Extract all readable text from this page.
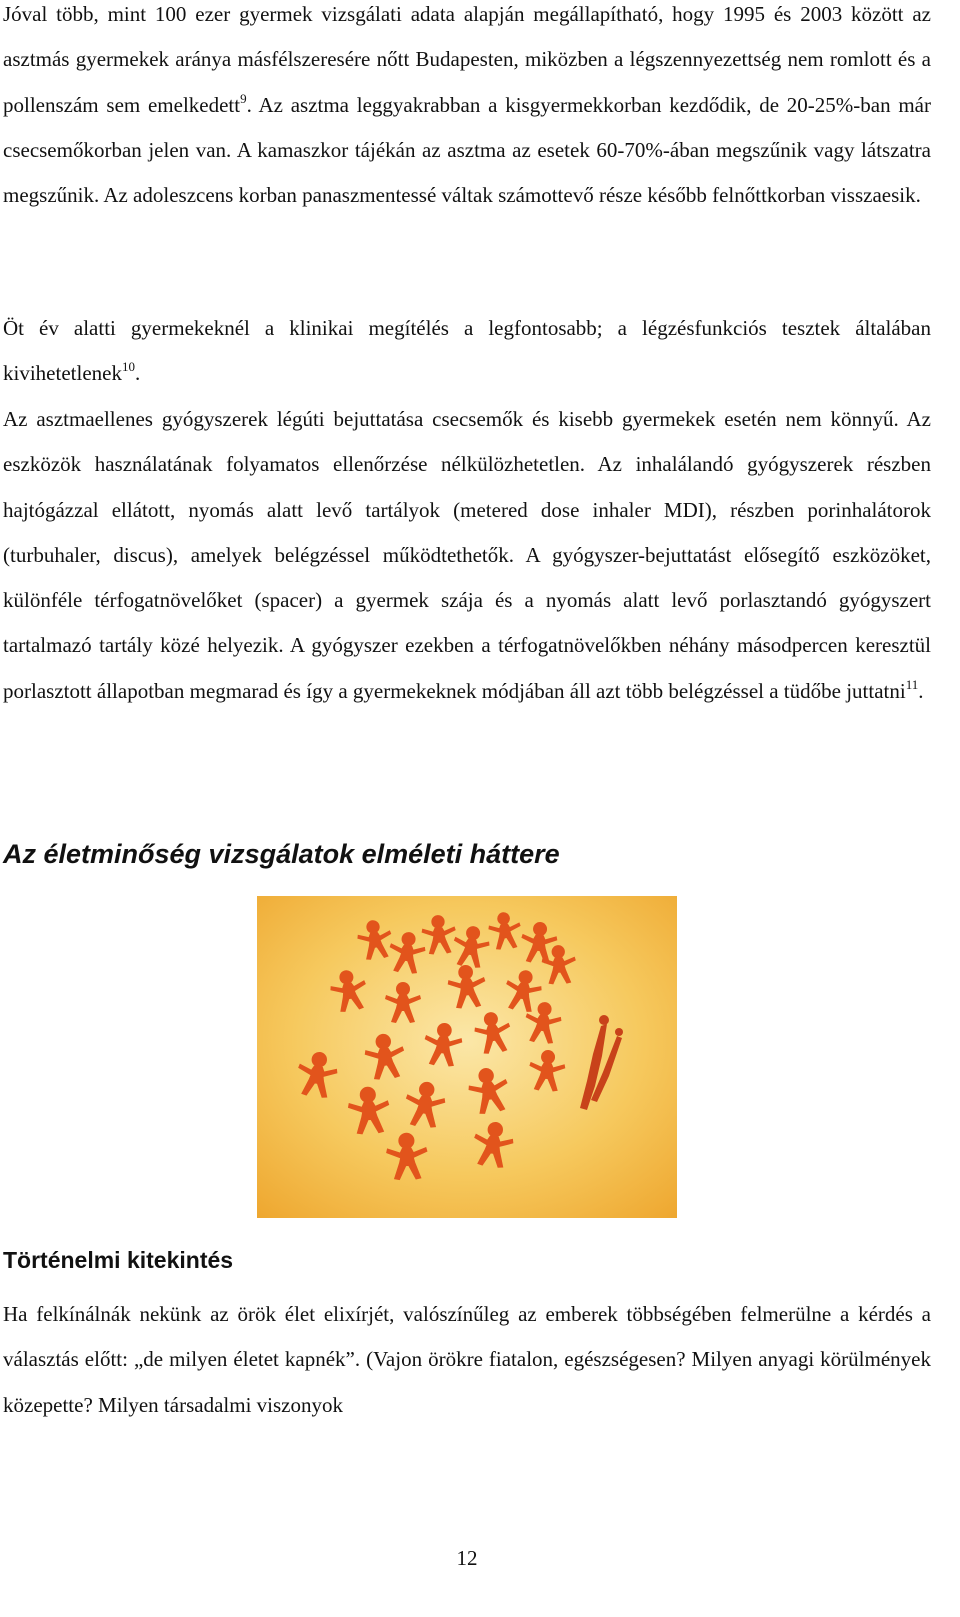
Jóval több, mint 100 ezer gyermek vizsgálati adata alapján megállapítható, hogy 1995 és 2003 között az asztmás gyermekek aránya másfélszeresére nőtt Budapesten, miközben a légszennyezettség nem romlott és a pollenszám sem emelkedett$^9$. Az asztma leggyakrabban a kisgyermekkorban kezdődik, de 20-25%-ban már csecsemőkorban jelen van. A kamaszkor tájékán az asztma az esetek 60-70%-ában megszűnik vagy látszatra megszűnik. Az adoleszcens korban panaszmentessé váltak számottevő része később felnőttkorban visszaesik.

Öt év alatti gyermekeknél a klinikai megítélés a legfontosabb; a légzésfunkciós tesztek általában kivihetetlenek$^{10}$.

Az asztmaellenes gyógyszerek légúti bejuttatása csecsemők és kisebb gyermekek esetén nem könnyű. Az eszközök használatának folyamatos ellenőrzése nélkülözhetetlen. Az inhalálandó gyógyszerek részben hajtógázzal ellátott, nyomás alatt levő tartályok (metered dose inhaler MDI), részben porinhalátorok (turbuhaler, discus), amelyek belégzéssel működtethetők. A gyógyszer-bejuttatást elősegítő eszközöket, különféle térfogatnövelőket (spacer) a gyermek szája és a nyomás alatt levő porlasztandó gyógyszert tartalmazó tartály közé helyezik. A gyógyszer ezekben a térfogatnövelőkben néhány másodpercen keresztül porlasztott állapotban megmarad és így a gyermekeknek módjában áll azt több belégzéssel a tüdőbe juttatni$^{11}$.

Az életminőség vizsgálatok elméleti háttere
Történelmi kitekintés

Ha felkínálnák nekünk az örök élet elixírjét, valószínűleg az emberek többségében felmerülne a kérdés a választás előtt: „de milyen életet kapnék”. (Vajon örökre fiatalon, egészségesen? Milyen anyagi körülmények közepette? Milyen társadalmi viszonyok

12
